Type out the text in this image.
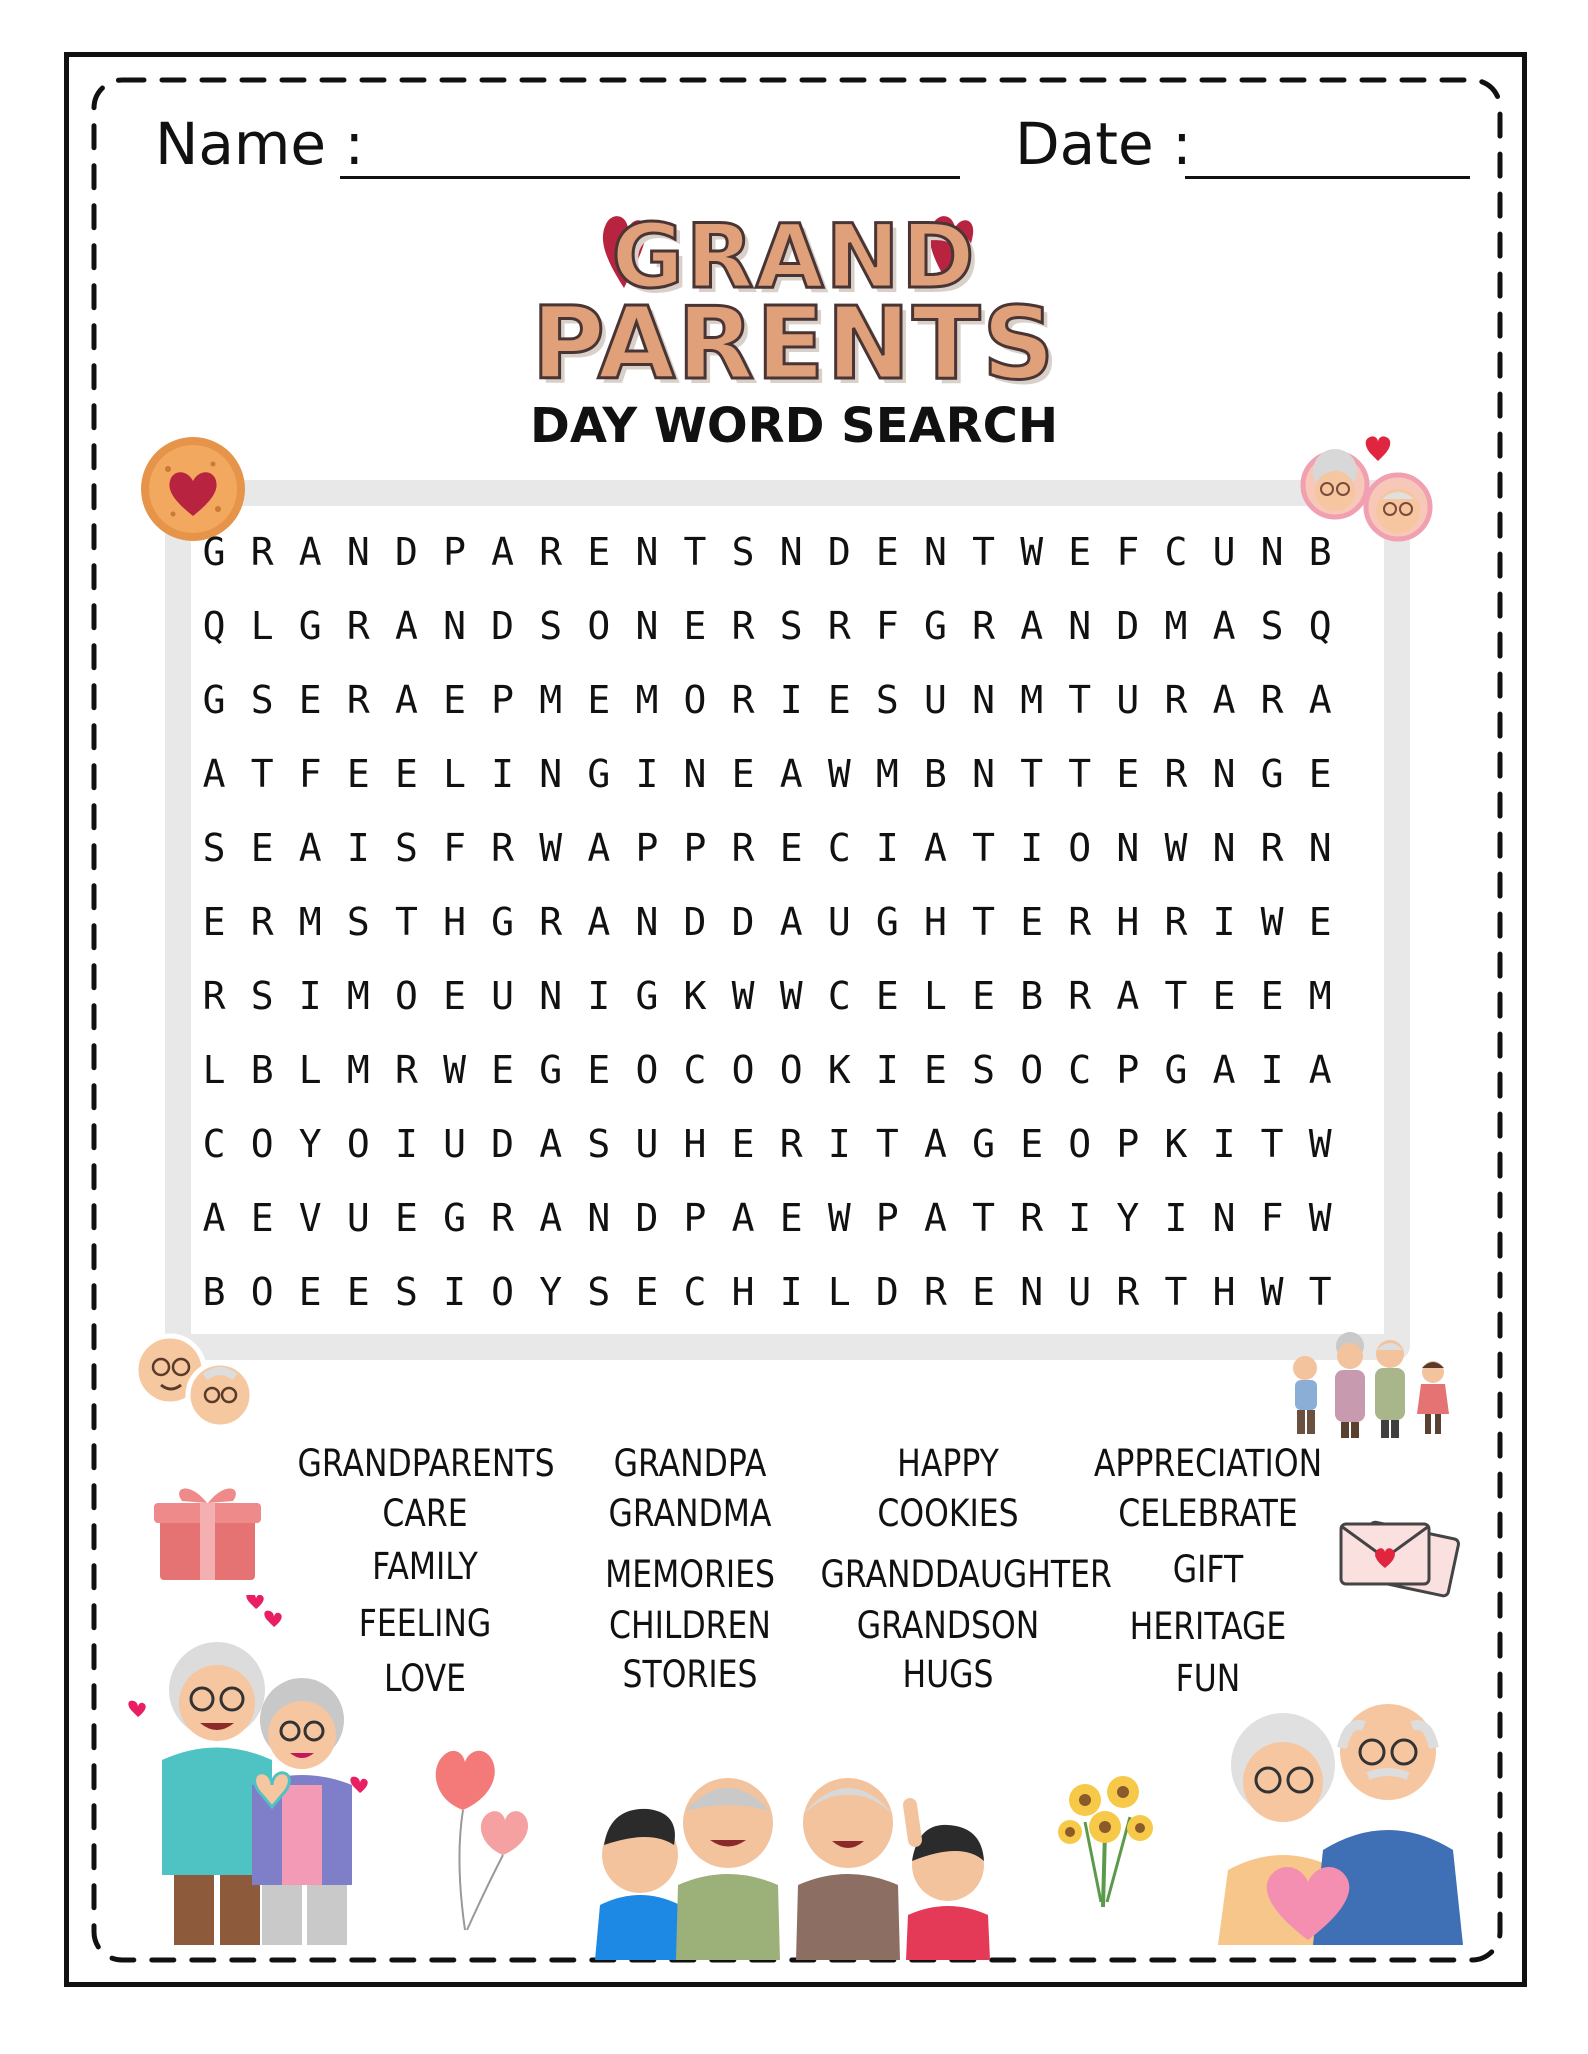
Name :	Date :
GRAND
PARENTS
DAY WORD SEARCH
G R A N D P A R E N T S N D E N T W E F C U N B
Q L G R A N D S O N E R S R F G R A N D M A S Q
G S E R A E P M E M O R I E S U N M T U R A R A
A T F E E L I N G I N E A W M B N T T E R N G E
S E A I S F R W A P P R E C I A T I O N W N R N
E R M S T H G R A N D D A U G H T E R H R I W E
R S I M O E U N I G K W W C E L E B R A T E E M
L B L M R W E G E O C O O K I E S O C P G A I A
C O Y O I U D A S U H E R I T A G E O P K I T W
A E V U E G R A N D P A E W P A T R I Y I N F W
B O E E S I O Y S E C H I L D R E N U R T H W T
GRANDPARENTS
CARE
FAMILY
FEELING
LOVE
GRANDPA
GRANDMA
MEMORIES
CHILDREN
STORIES
HAPPY
COOKIES
GRANDDAUGHTER
GRANDSON
HUGS
APPRECIATION
CELEBRATE
GIFT
HERITAGE
FUN
